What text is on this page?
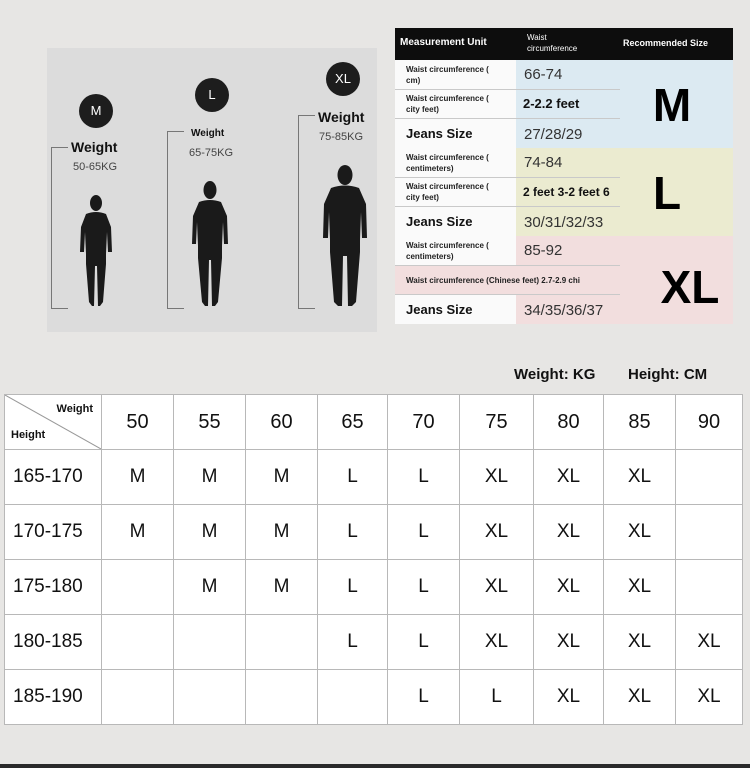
M
Weight
50-65KG
L
Weight
65-75KG
XL
Weight
75-85KG
Measurement Unit	Waist
circumference
Recommended Size
Waist circumference (
cm)	66-74
Waist circumference (
city feet)	2-2.2 feet
Jeans Size	27/28/29
M
Waist circumference (
centimeters)	74-84
Waist circumference (
city feet)	2 feet 3-2 feet 6
Jeans Size	30/31/32/33
L
Waist circumference (
centimeters)	85-92
Waist circumference (Chinese feet) 2.7-2.9 chi
Jeans Size	34/35/36/37	XL
Weight: KG Height: CM
Weight
Height	50	55	60	65	70	75	80	85	90
165-170	M	M	M	L	L	XL	XL	XL	
170-175	M	M	M	L	L	XL	XL	XL	
175-180		M	M	L	L	XL	XL	XL	
180-185				L	L	XL	XL	XL	XL
185-190					L	L	XL	XL	XL
